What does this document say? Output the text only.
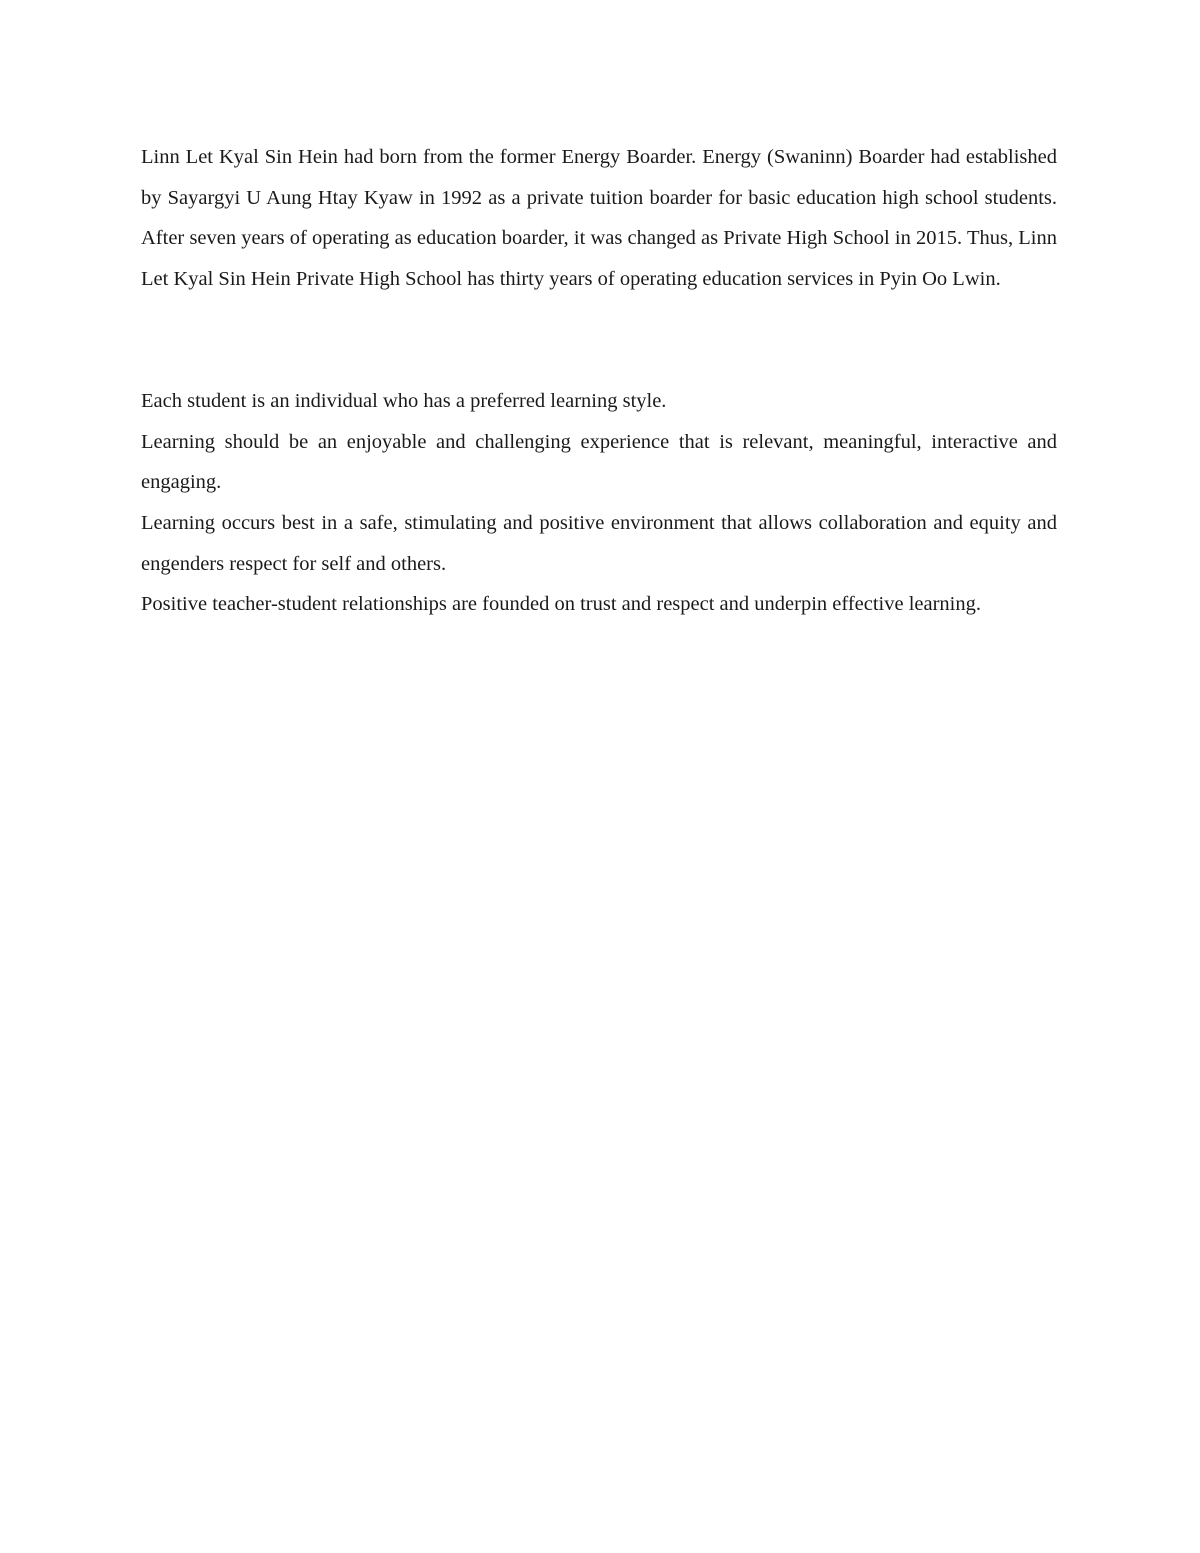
Linn Let Kyal Sin Hein had born from the former Energy Boarder. Energy (Swaninn) Boarder had established by Sayargyi U Aung Htay Kyaw in 1992 as a private tuition boarder for basic education high school students. After seven years of operating as education boarder, it was changed as Private High School in 2015. Thus, Linn Let Kyal Sin Hein Private High School has thirty years of operating education services in Pyin Oo Lwin.

Each student is an individual who has a preferred learning style.

Learning should be an enjoyable and challenging experience that is relevant, meaningful, interactive and engaging.

Learning occurs best in a safe, stimulating and positive environment that allows collaboration and equity and engenders respect for self and others.

Positive teacher-student relationships are founded on trust and respect and underpin effective learning.
